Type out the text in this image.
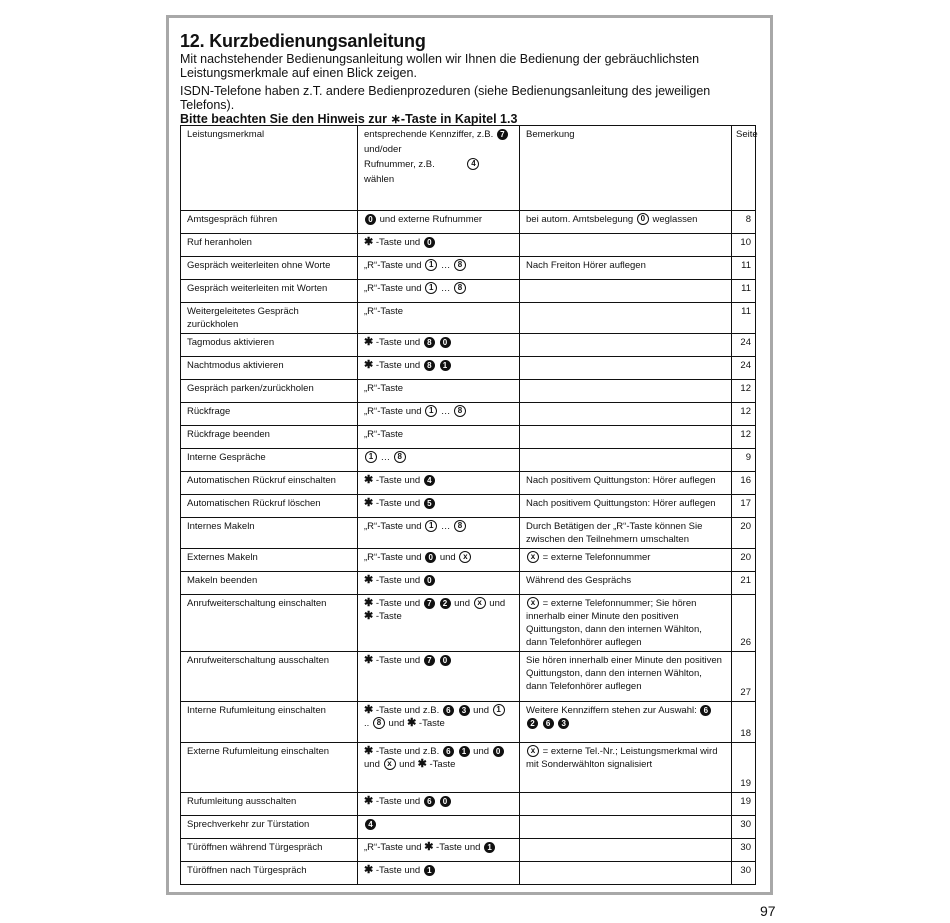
12. Kurzbedienungsanleitung

Mit nachstehender Bedienungsanleitung wollen wir Ihnen die Bedienung der gebräuchlichsten Leistungsmerkmale auf einen Blick zeigen.

ISDN-Telefone haben z.T. andere Bedienprozeduren (siehe Bedienungsanleitung des jeweiligen Telefons).

Bitte beachten Sie den Hinweis zur ∗-Taste in Kapitel 1.3

Leistungsmerkmal	entsprechende Kennziffer, z.B. 7
und/oder
Rufnummer, z.B. 4
wählen	Bemerkung	Seite
Amtsgespräch führen	0 und externe Rufnummer	bei autom. Amtsbelegung 0 weglassen	8
Ruf heranholen	✱ -Taste und 0		10
Gespräch weiterleiten ohne Worte	„R“-Taste und 1 … 8	Nach Freiton Hörer auflegen	11
Gespräch weiterleiten mit Worten	„R“-Taste und 1 … 8		11
Weitergeleitetes Gespräch zurückholen	„R“-Taste		11
Tagmodus aktivieren	✱ -Taste und 8 0		24
Nachtmodus aktivieren	✱ -Taste und 8 1		24
Gespräch parken/zurückholen	„R“-Taste		12
Rückfrage	„R“-Taste und 1 … 8		12
Rückfrage beenden	„R“-Taste		12
Interne Gespräche	1 … 8		9
Automatischen Rückruf einschalten	✱ -Taste und 4	Nach positivem Quittungston: Hörer auflegen	16
Automatischen Rückruf löschen	✱ -Taste und 5	Nach positivem Quittungston: Hörer auflegen	17
Internes Makeln	„R“-Taste und 1 … 8	Durch Betätigen der „R“-Taste können Sie zwischen den Teilnehmern umschalten	20
Externes Makeln	„R“-Taste und 0 und x	x = externe Telefonnummer	20
Makeln beenden	✱ -Taste und 0	Während des Gesprächs	21
Anrufweiterschaltung einschalten	✱ -Taste und 7 2 und x und ✱ -Taste	x = externe Telefonnummer; Sie hören innerhalb einer Minute den positiven Quittungston, dann den internen Wählton, dann Telefonhörer auflegen	26
Anrufweiterschaltung ausschalten	✱ -Taste und 7 0	Sie hören innerhalb einer Minute den positiven Quittungston, dann den internen Wählton, dann Telefonhörer auflegen	27
Interne Rufumleitung einschalten	✱ -Taste und z.B. 6 3 und 1 .. 8 und ✱ -Taste	Weitere Kennziffern stehen zur Auswahl: 6 2 6 3	18
Externe Rufumleitung einschalten	✱ -Taste und z.B. 6 1 und 0 und x und ✱ -Taste	x = externe Tel.-Nr.; Leistungsmerkmal wird mit Sonderwählton signalisiert	19
Rufumleitung ausschalten	✱ -Taste und 6 0		19
Sprechverkehr zur Türstation	4		30
Türöffnen während Türgespräch	„R“-Taste und ✱ -Taste und 1		30
Türöffnen nach Türgespräch	✱ -Taste und 1		30
97
